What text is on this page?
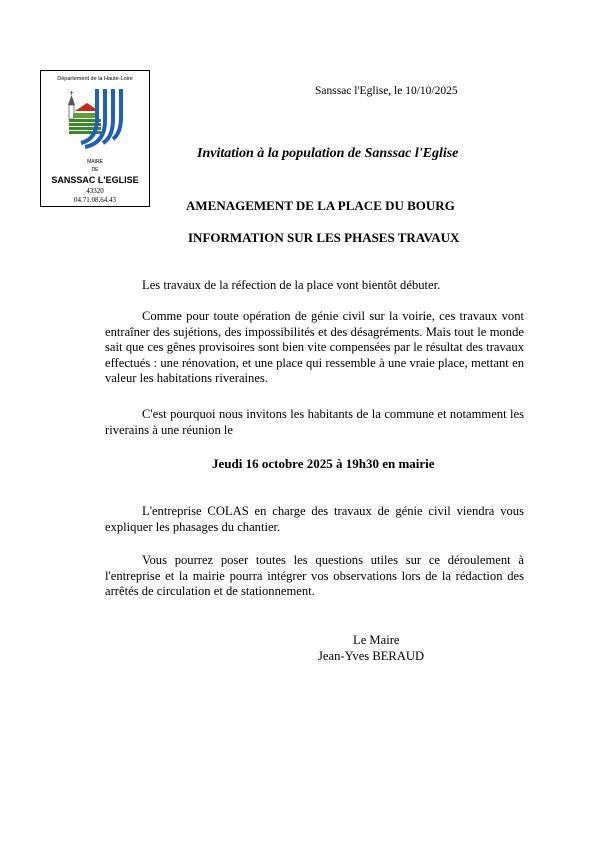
Département de la Haute-Loire
MAIRE
DE
SANSSAC L'EGLISE
43320
04.71.08.64.43
Sanssac l'Eglise, le 10/10/2025
Invitation à la population de Sanssac l'Eglise
AMENAGEMENT DE LA PLACE DU BOURG
INFORMATION SUR LES PHASES TRAVAUX

Les travaux de la réfection de la place vont bientôt débuter.

Comme pour toute opération de génie civil sur la voirie, ces travaux vont entraîner des sujétions, des impossibilités et des désagréments. Mais tout le monde sait que ces gênes provisoires sont bien vite compensées par le résultat des travaux effectués : une rénovation, et une place qui ressemble à une vraie place, mettant en valeur les habitations riveraines.

C'est pourquoi nous invitons les habitants de la commune et notamment les riverains à une réunion le

Jeudi 16 octobre 2025 à 19h30 en mairie

L'entreprise COLAS en charge des travaux de génie civil viendra vous expliquer les phasages du chantier.

Vous pourrez poser toutes les questions utiles sur ce déroulement à l'entreprise et la mairie pourra intégrer vos observations lors de la rédaction des arrêtés de circulation et de stationnement.

Le Maire
Jean-Yves BERAUD
